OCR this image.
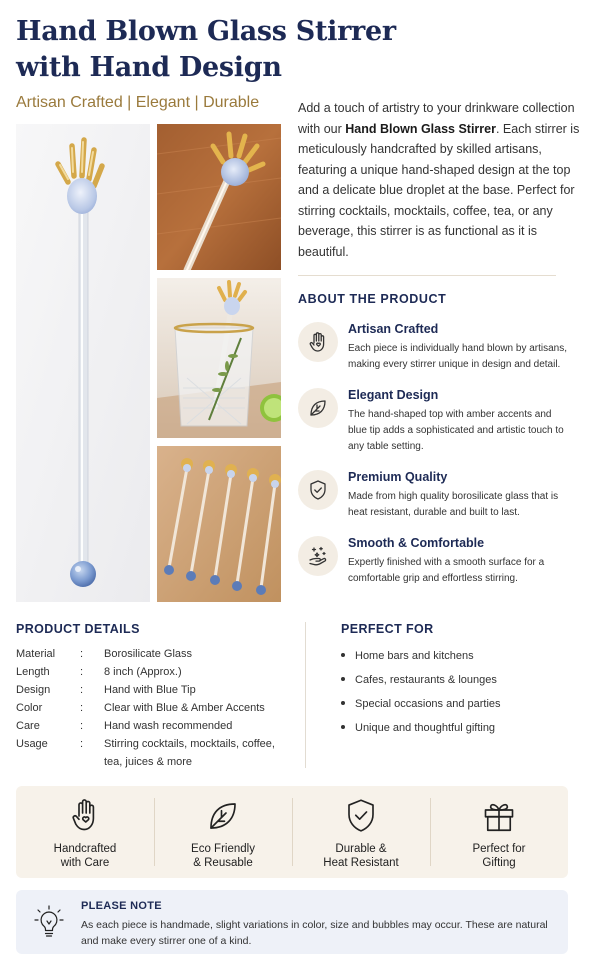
Hand Blown Glass Stirrer
with Hand Design
Artisan Crafted | Elegant | Durable	Add a touch of artistry to your drinkware collection with our Hand Blown Glass Stirrer. Each stirrer is meticulously handcrafted by skilled artisans, featuring a unique hand-shaped design at the top and a delicate blue droplet at the base. Perfect for stirring cocktails, mocktails, coffee, tea, or any beverage, this stirrer is as functional as it is beautiful.
ABOUT THE PRODUCT
Artisan Crafted
Each piece is individually hand blown by artisans, making every stirrer unique in design and detail.
Elegant Design
The hand-shaped top with amber accents and blue tip adds a sophisticated and artistic touch to any table setting.
Premium Quality
Made from high quality borosilicate glass that is heat resistant, durable and built to last.
Smooth & Comfortable
Expertly finished with a smooth surface for a comfortable grip and effortless stirring.
PRODUCT DETAILS
Material : Borosilicate Glass
Length	: 8 inch (Approx.)
Design	: Hand with Blue Tip
Color	: Clear with Blue & Amber Accents
Care	: Hand wash recommended
Usage	: Stirring cocktails, mocktails, coffee, tea, juices & more
PERFECT FOR
Home bars and kitchens
Cafes, restaurants & lounges
Special occasions and parties
Unique and thoughtful gifting
Handcrafted
with Care
Eco Friendly
& Reusable
Durable &
Heat Resistant
Perfect for
Gifting
PLEASE NOTE
As each piece is handmade, slight variations in color, size and bubbles may occur. These are natural and make every stirrer one of a kind.
